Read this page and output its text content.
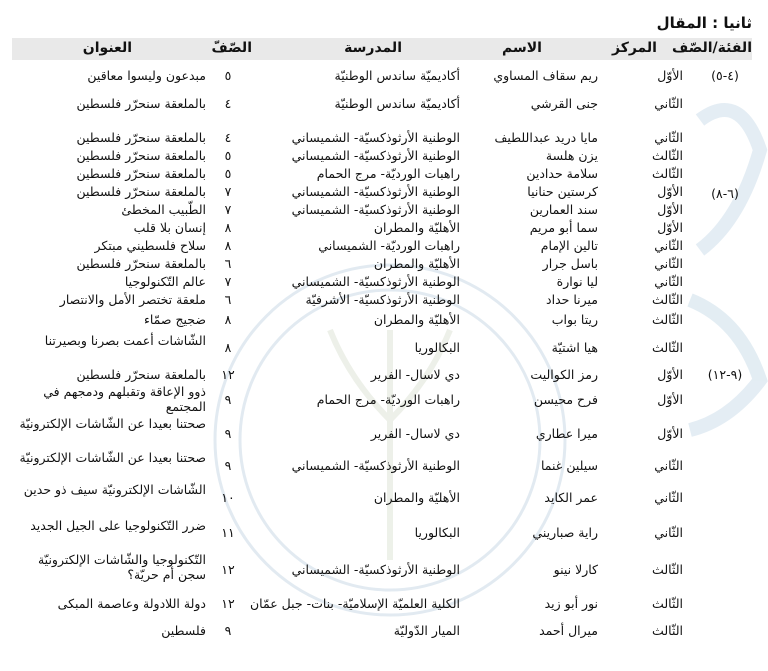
ثانيا : المقال
الفئة/الصّف
المركز
الاسم
المدرسة
الصّفّ
العنوان
(٤-٥)
(٦-٨)
(٩-١٢)
الأوّل
ريم سقاف المساوي
أكاديميّة ساندس الوطنيّة
٥
مبدعون وليسوا معاقين
الثّاني
جنى القرشي
أكاديميّة ساندس الوطنيّة
٤
بالملعقة سنحرّر فلسطين
الثّاني
مايا دريد عبداللطيف
الوطنية الأرثوذكسيّة- الشميساني
٤
بالملعقة سنحرّر فلسطين
الثّالث
يزن هلسة
الوطنية الأرثوذكسيّة- الشميساني
٥
بالملعقة سنحرّر فلسطين
الثّالث
سلامة حدادين
راهبات الورديّة- مرج الحمام
٥
بالملعقة سنحرّر فلسطين
الأوّل
كرستين حنانيا
الوطنية الأرثوذكسيّة- الشميساني
٧
بالملعقة سنحرّر فلسطين
الأوّل
سند العمارين
الوطنية الأرثوذكسيّة- الشميساني
٧
الطّبيب المخطئ
الأوّل
سما أبو مريم
الأهليّة والمطران
٨
إنسان بلا قلب
الثّاني
تالين الإمام
راهبات الورديّة- الشميساني
٨
سلاح فلسطيني مبتكر
الثّاني
باسل جرار
الأهليّة والمطران
٦
بالملعقة سنحرّر فلسطين
الثّاني
ليا نوارة
الوطنية الأرثوذكسيّة- الشميساني
٧
عالم التّكنولوجيا
الثّالث
ميرنا حداد
الوطنية الأرثوذكسيّة- الأشرفيّة
٦
ملعقة تختصر الأمل والانتصار
الثّالث
ريتا بواب
الأهليّة والمطران
٨
ضجيج صمّاء
الثّالث
هيا اشتيّة
البكالوريا
٨
الشّاشات أعمت بصرنا وبصيرتنا
الأوّل
رمز الكواليت
دي لاسال- الفرير
١٢
بالملعقة سنحرّر فلسطين
الأوّل
فرح محيسن
راهبات الورديّة- مرج الحمام
٩
ذوو الإعاقة وتقبلهم ودمجهم في المجتمع
الأوّل
ميرا عطاري
دي لاسال- الفرير
٩
صحتنا بعيدا عن الشّاشات الإلكترونيّة
الثّاني
سيلين غنما
الوطنية الأرثوذكسيّة- الشميساني
٩
صحتنا بعيدا عن الشّاشات الإلكترونيّة
الثّاني
عمر الكايد
الأهليّة والمطران
١٠
الشّاشات الإلكترونيّة سيف ذو حدين
الثّاني
راية صباريني
البكالوريا
١١
ضرر التّكنولوجيا على الجيل الجديد
الثّالث
كارلا نينو
الوطنية الأرثوذكسيّة- الشميساني
١٢
التّكنولوجيا والشّاشات الإلكترونيّة سجن أم حريّة؟
الثّالث
نور أبو زيد
الكلية العلميّة الإسلاميّة- بنات- جبل عمّان
١٢
دولة اللادولة وعاصمة المبكى
الثّالث
ميرال أحمد
الميار الدّوليّة
٩
فلسطين
